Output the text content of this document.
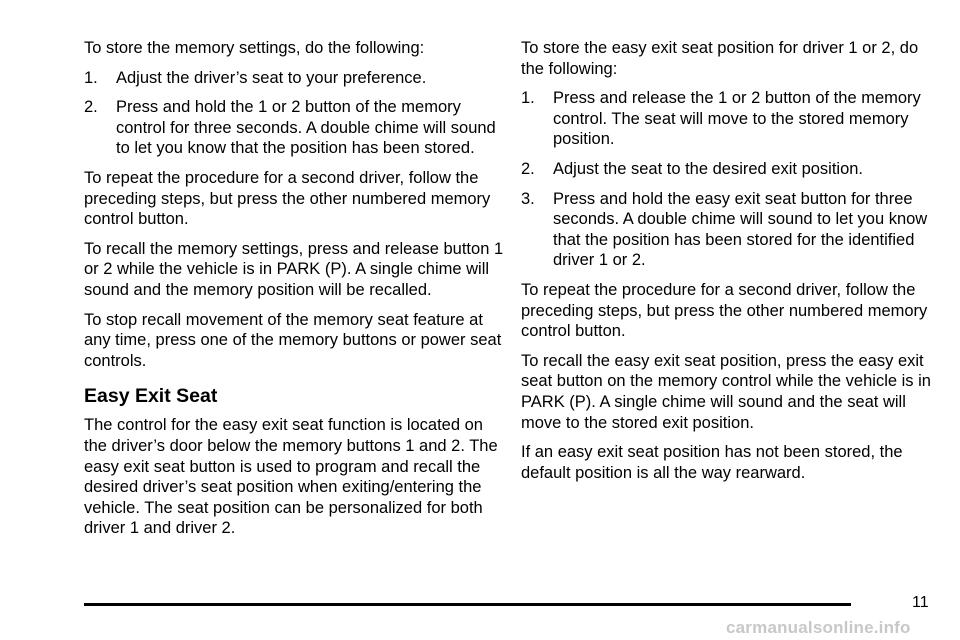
To store the memory settings, do the following:

1.	Adjust the driver’s seat to your preference.
2.	Press and hold the 1 or 2 button of the memory control for three seconds. A double chime will sound to let you know that the position has been stored.

To repeat the procedure for a second driver, follow the preceding steps, but press the other numbered memory control button.

To recall the memory settings, press and release button 1 or 2 while the vehicle is in PARK (P). A single chime will sound and the memory position will be recalled.

To stop recall movement of the memory seat feature at any time, press one of the memory buttons or power seat controls.

Easy Exit Seat

The control for the easy exit seat function is located on the driver’s door below the memory buttons 1 and 2. The easy exit seat button is used to program and recall the desired driver’s seat position when exiting/entering the vehicle. The seat position can be personalized for both driver 1 and driver 2.

To store the easy exit seat position for driver 1 or 2, do the following:

1.	Press and release the 1 or 2 button of the memory control. The seat will move to the stored memory position.
2.	Adjust the seat to the desired exit position.
3.	Press and hold the easy exit seat button for three seconds. A double chime will sound to let you know that the position has been stored for the identified driver 1 or 2.

To repeat the procedure for a second driver, follow the preceding steps, but press the other numbered memory control button.

To recall the easy exit seat position, press the easy exit seat button on the memory control while the vehicle is in PARK (P). A single chime will sound and the seat will move to the stored exit position.

If an easy exit seat position has not been stored, the default position is all the way rearward.

11
carmanualsonline.info
